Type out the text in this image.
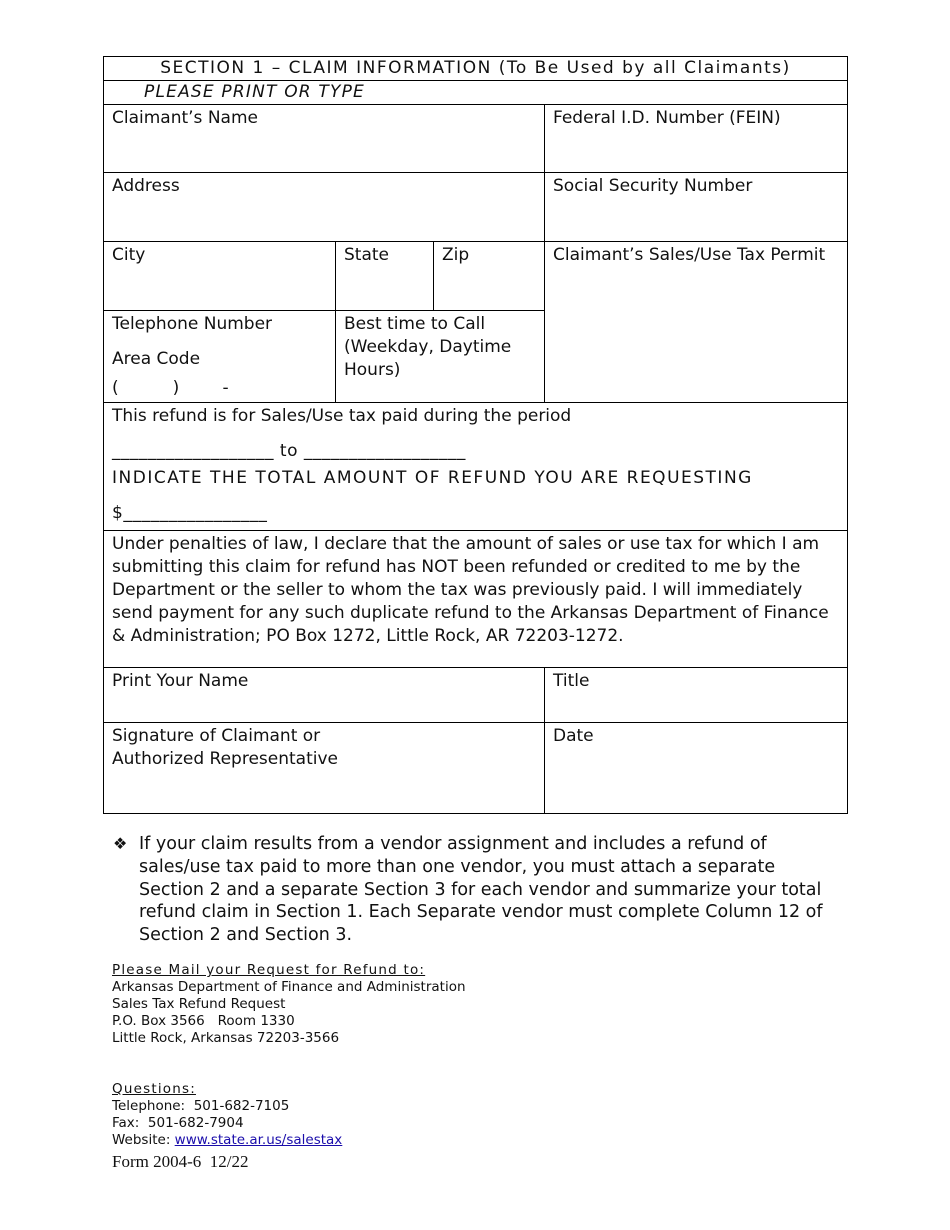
SECTION 1 – CLAIM INFORMATION (To Be Used by all Claimants)			
PLEASE PRINT OR TYPE			

Claimant’s Name			Federal I.D. Number (FEIN)

Address			Social Security Number

City	State	Zip	Claimant’s Sales/Use Tax Permit

Telephone Number
Area Code
(          )        -	Best time to Call (Weekday, Daytime Hours)		

This refund is for Sales/Use tax paid during the period
__________________ to __________________
INDICATE THE TOTAL AMOUNT OF REFUND YOU ARE REQUESTING
$________________			

Under penalties of law, I declare that the amount of sales or use tax for which I am submitting this claim for refund has NOT been refunded or credited to me by the Department or the seller to whom the tax was previously paid. I will immediately send payment for any such duplicate refund to the Arkansas Department of Finance & Administration; PO Box 1272, Little Rock, AR 72203-1272.			

Print Your Name			Title

Signature of Claimant or Authorized Representative			Date
❖ If your claim results from a vendor assignment and includes a refund of sales/use tax paid to more than one vendor, you must attach a separate Section 2 and a separate Section 3 for each vendor and summarize your total refund claim in Section 1. Each Separate vendor must complete Column 12 of Section 2 and Section 3.
Please Mail your Request for Refund to:
Arkansas Department of Finance and Administration
Sales Tax Refund Request
P.O. Box 3566   Room 1330
Little Rock, Arkansas 72203-3566
Questions:
Telephone:  501-682-7105
Fax:  501-682-7904
Website: www.state.ar.us/salestax
Form 2004-6  12/22
